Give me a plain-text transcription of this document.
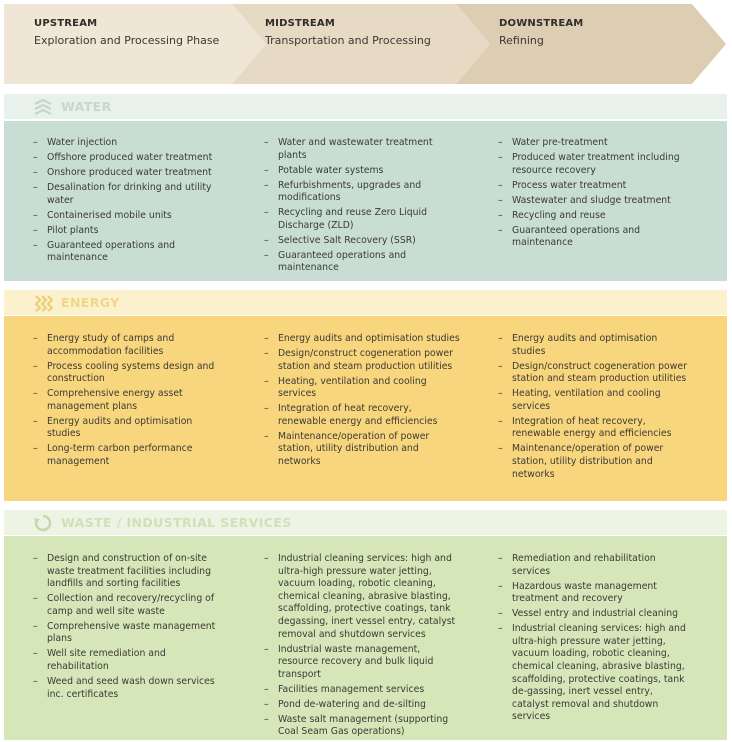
UPSTREAM
Exploration and Processing Phase
MIDSTREAM
Transportation and Processing
DOWNSTREAM
Refining
WATER
– Water injection
– Offshore produced water treatment
– Onshore produced water treatment
– Desalination for drinking and utility water
– Containerised mobile units
– Pilot plants
– Guaranteed operations and maintenance
– Water and wastewater treatment plants
– Potable water systems
– Refurbishments, upgrades and modifications
– Recycling and reuse Zero Liquid Discharge (ZLD)
– Selective Salt Recovery (SSR)
– Guaranteed operations and maintenance
– Water pre-treatment
– Produced water treatment including resource recovery
– Process water treatment
– Wastewater and sludge treatment
– Recycling and reuse
– Guaranteed operations and maintenance
ENERGY
– Energy study of camps and accommodation facilities
– Process cooling systems design and construction
– Comprehensive energy asset management plans
– Energy audits and optimisation studies
– Long-term carbon performance management
– Energy audits and optimisation studies
– Design/construct cogeneration power station and steam production utilities
– Heating, ventilation and cooling services
– Integration of heat recovery, renewable energy and efficiencies
– Maintenance/operation of power station, utility distribution and networks
– Energy audits and optimisation studies
– Design/construct cogeneration power station and steam production utilities
– Heating, ventilation and cooling services
– Integration of heat recovery, renewable energy and efficiencies
– Maintenance/operation of power station, utility distribution and networks
WASTE / INDUSTRIAL SERVICES
– Design and construction of on-site waste treatment facilities including landfills and sorting facilities
– Collection and recovery/recycling of camp and well site waste
– Comprehensive waste management plans
– Well site remediation and rehabilitation
– Weed and seed wash down services inc. certificates
– Industrial cleaning services: high and ultra-high pressure water jetting, vacuum loading, robotic cleaning, chemical cleaning, abrasive blasting, scaffolding, protective coatings, tank degassing, inert vessel entry, catalyst removal and shutdown services
– Industrial waste management, resource recovery and bulk liquid transport
– Facilities management services
– Pond de-watering and de-silting
– Waste salt management (supporting Coal Seam Gas operations)
– Remediation and rehabilitation services
– Hazardous waste management treatment and recovery
– Vessel entry and industrial cleaning
– Industrial cleaning services: high and ultra-high pressure water jetting, vacuum loading, robotic cleaning, chemical cleaning, abrasive blasting, scaffolding, protective coatings, tank de-gassing, inert vessel entry, catalyst removal and shutdown services
